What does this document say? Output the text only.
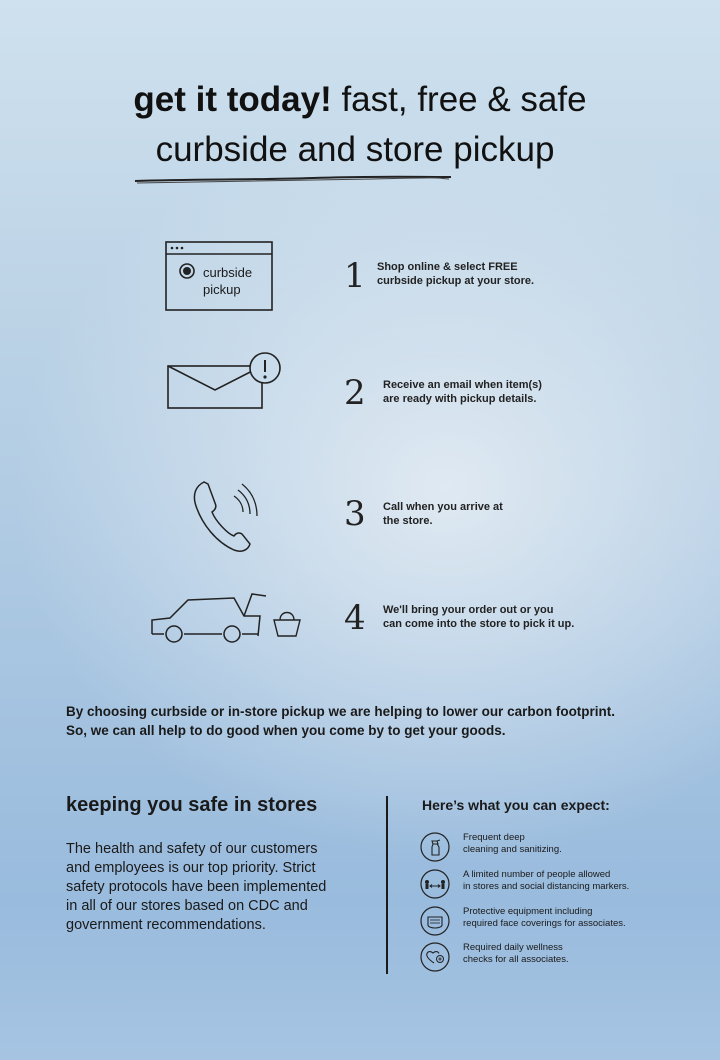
get it today! fast, free & safe
curbside and store pickup
curbside
pickup	1 Shop online & select FREE
curbside pickup at your store.
2 Receive an email when item(s)
are ready with pickup details.
3 Call when you arrive at
the store.
4 We'll bring your order out or you
can come into the store to pick it up.
By choosing curbside or in-store pickup we are helping to lower our carbon footprint.
So, we can all help to do good when you come by to get your goods.
keeping you safe in stores
The health and safety of our customers
and employees is our top priority. Strict
safety protocols have been implemented
in all of our stores based on CDC and
government recommendations.
Here’s what you can expect:
Frequent deep
cleaning and sanitizing.
A limited number of people allowed
in stores and social distancing markers.
Protective equipment including
required face coverings for associates.
Required daily wellness
checks for all associates.
